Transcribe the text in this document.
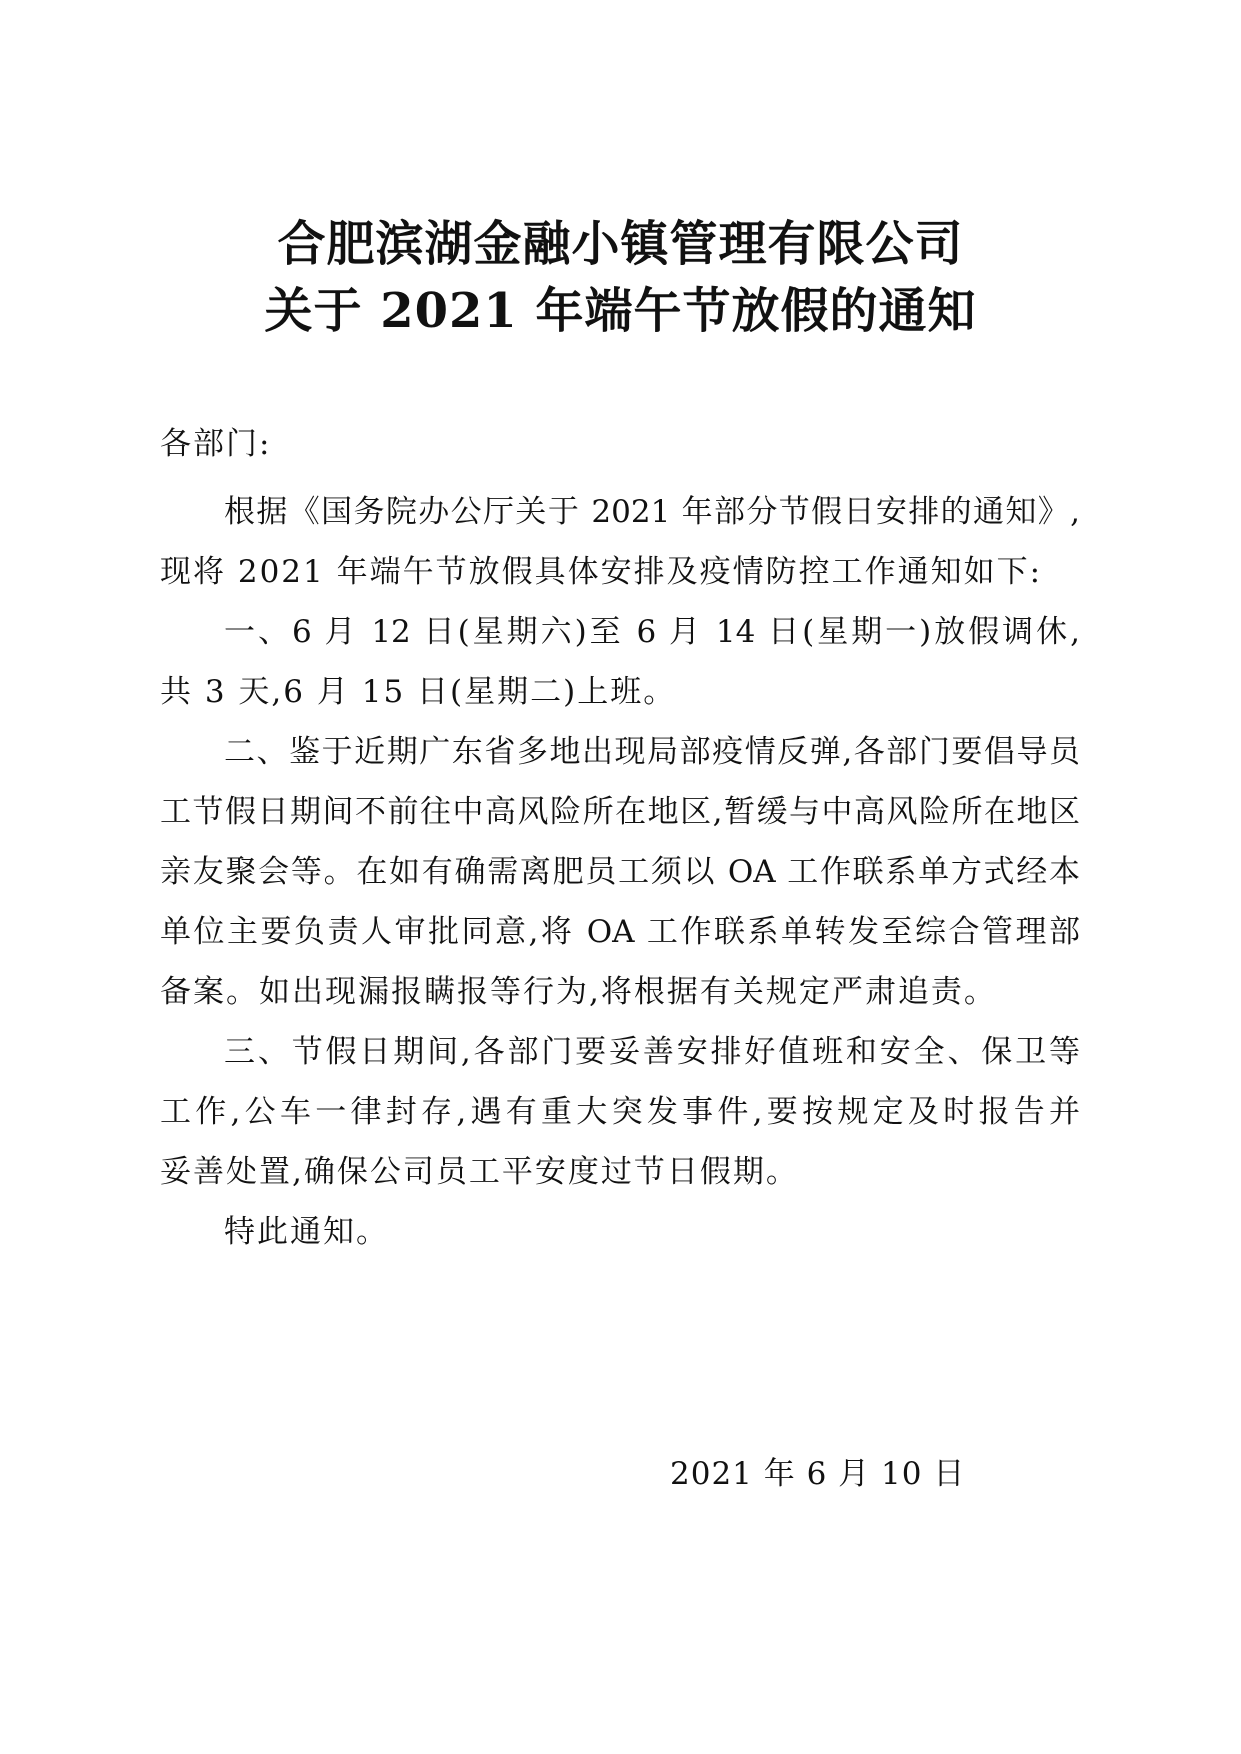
合肥滨湖金融小镇管理有限公司
关于 2021 年端午节放假的通知
各部门:
根据《国务院办公厅关于 2021 年部分节假日安排的通知》,
现将 2021 年端午节放假具体安排及疫情防控工作通知如下:
一、6 月 12 日(星期六)至 6 月 14 日(星期一)放假调休,
共 3 天,6 月 15 日(星期二)上班。
二、鉴于近期广东省多地出现局部疫情反弹,各部门要倡导员
工节假日期间不前往中高风险所在地区,暂缓与中高风险所在地区
亲友聚会等。在如有确需离肥员工须以 OA 工作联系单方式经本
单位主要负责人审批同意,将 OA 工作联系单转发至综合管理部
备案。如出现漏报瞒报等行为,将根据有关规定严肃追责。
三、节假日期间,各部门要妥善安排好值班和安全、保卫等
工作,公车一律封存,遇有重大突发事件,要按规定及时报告并
妥善处置,确保公司员工平安度过节日假期。
特此通知。
2021 年 6 月 10 日
